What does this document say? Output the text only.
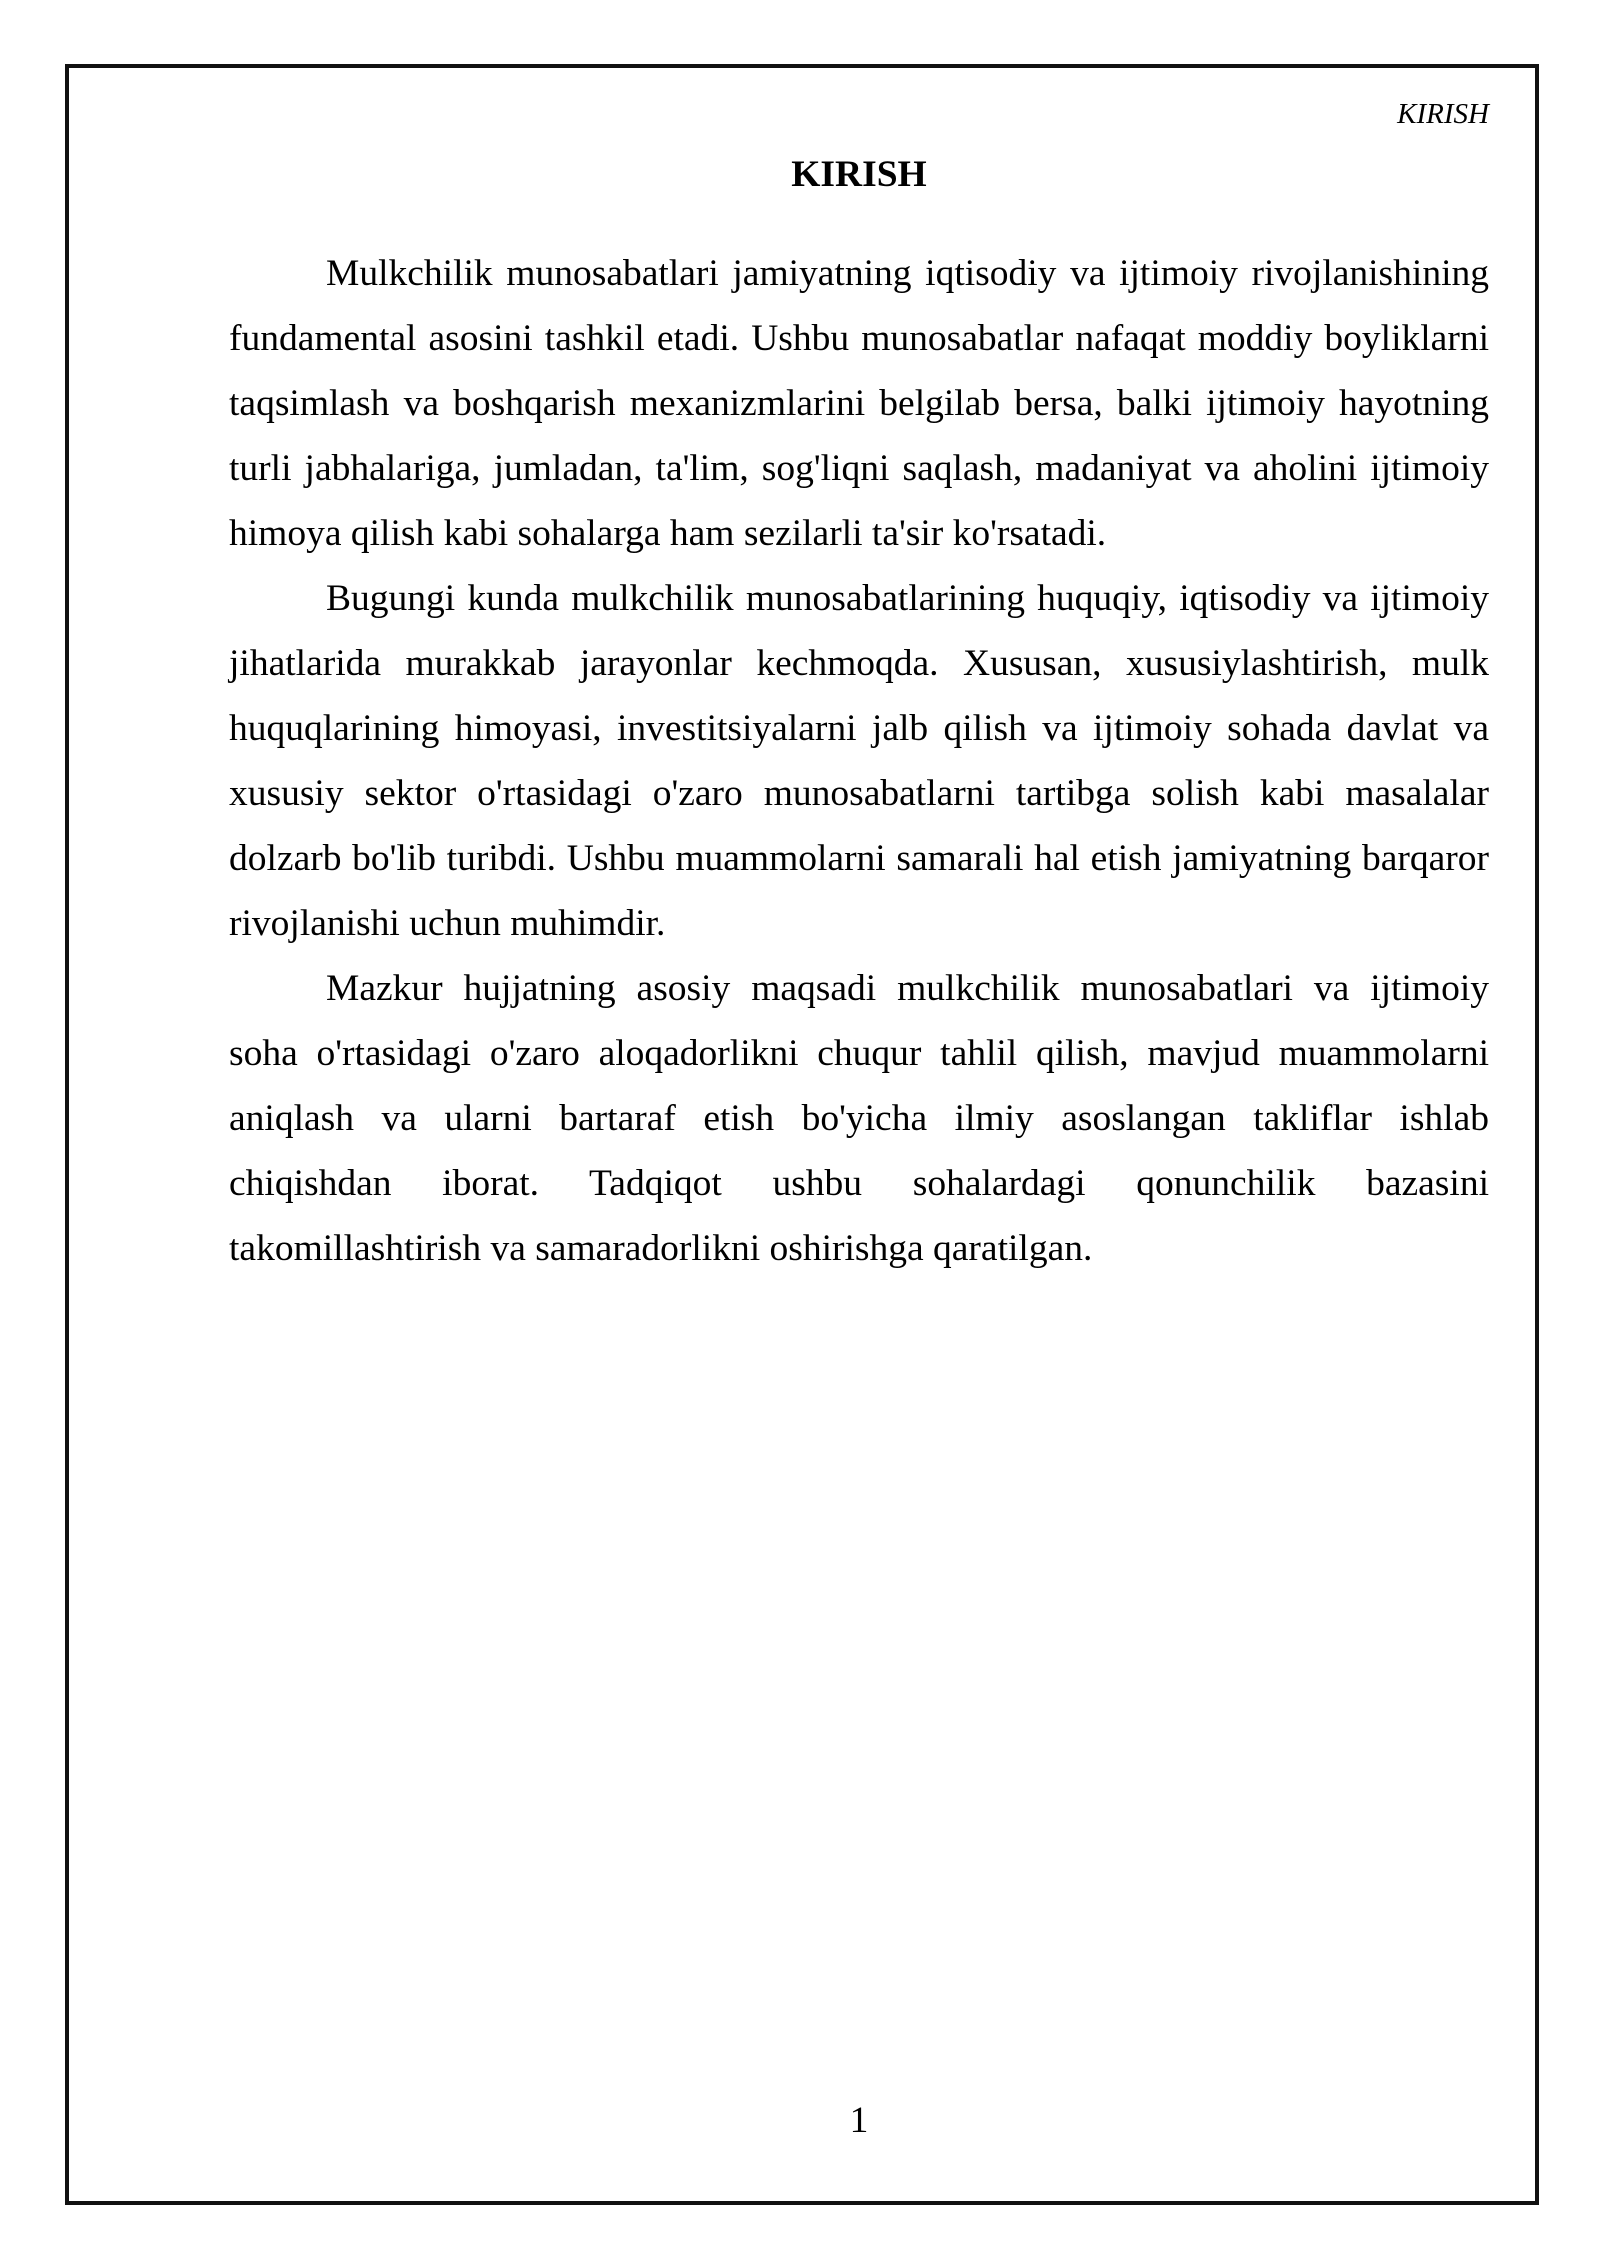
KIRISH
KIRISH
Mulkchilik munosabatlari jamiyatning iqtisodiy va ijtimoiy rivojlanishining
fundamental asosini tashkil etadi. Ushbu munosabatlar nafaqat moddiy boyliklarni
taqsimlash va boshqarish mexanizmlarini belgilab bersa, balki ijtimoiy hayotning
turli jabhalariga, jumladan, ta'lim, sog'liqni saqlash, madaniyat va aholini ijtimoiy
himoya qilish kabi sohalarga ham sezilarli ta'sir ko'rsatadi.
Bugungi kunda mulkchilik munosabatlarining huquqiy, iqtisodiy va ijtimoiy
jihatlarida murakkab jarayonlar kechmoqda. Xususan, xususiylashtirish, mulk
huquqlarining himoyasi, investitsiyalarni jalb qilish va ijtimoiy sohada davlat va
xususiy sektor o'rtasidagi o'zaro munosabatlarni tartibga solish kabi masalalar
dolzarb bo'lib turibdi. Ushbu muammolarni samarali hal etish jamiyatning barqaror
rivojlanishi uchun muhimdir.
Mazkur hujjatning asosiy maqsadi mulkchilik munosabatlari va ijtimoiy
soha o'rtasidagi o'zaro aloqadorlikni chuqur tahlil qilish, mavjud muammolarni
aniqlash va ularni bartaraf etish bo'yicha ilmiy asoslangan takliflar ishlab
chiqishdan iborat. Tadqiqot ushbu sohalardagi qonunchilik bazasini
takomillashtirish va samaradorlikni oshirishga qaratilgan.
1
